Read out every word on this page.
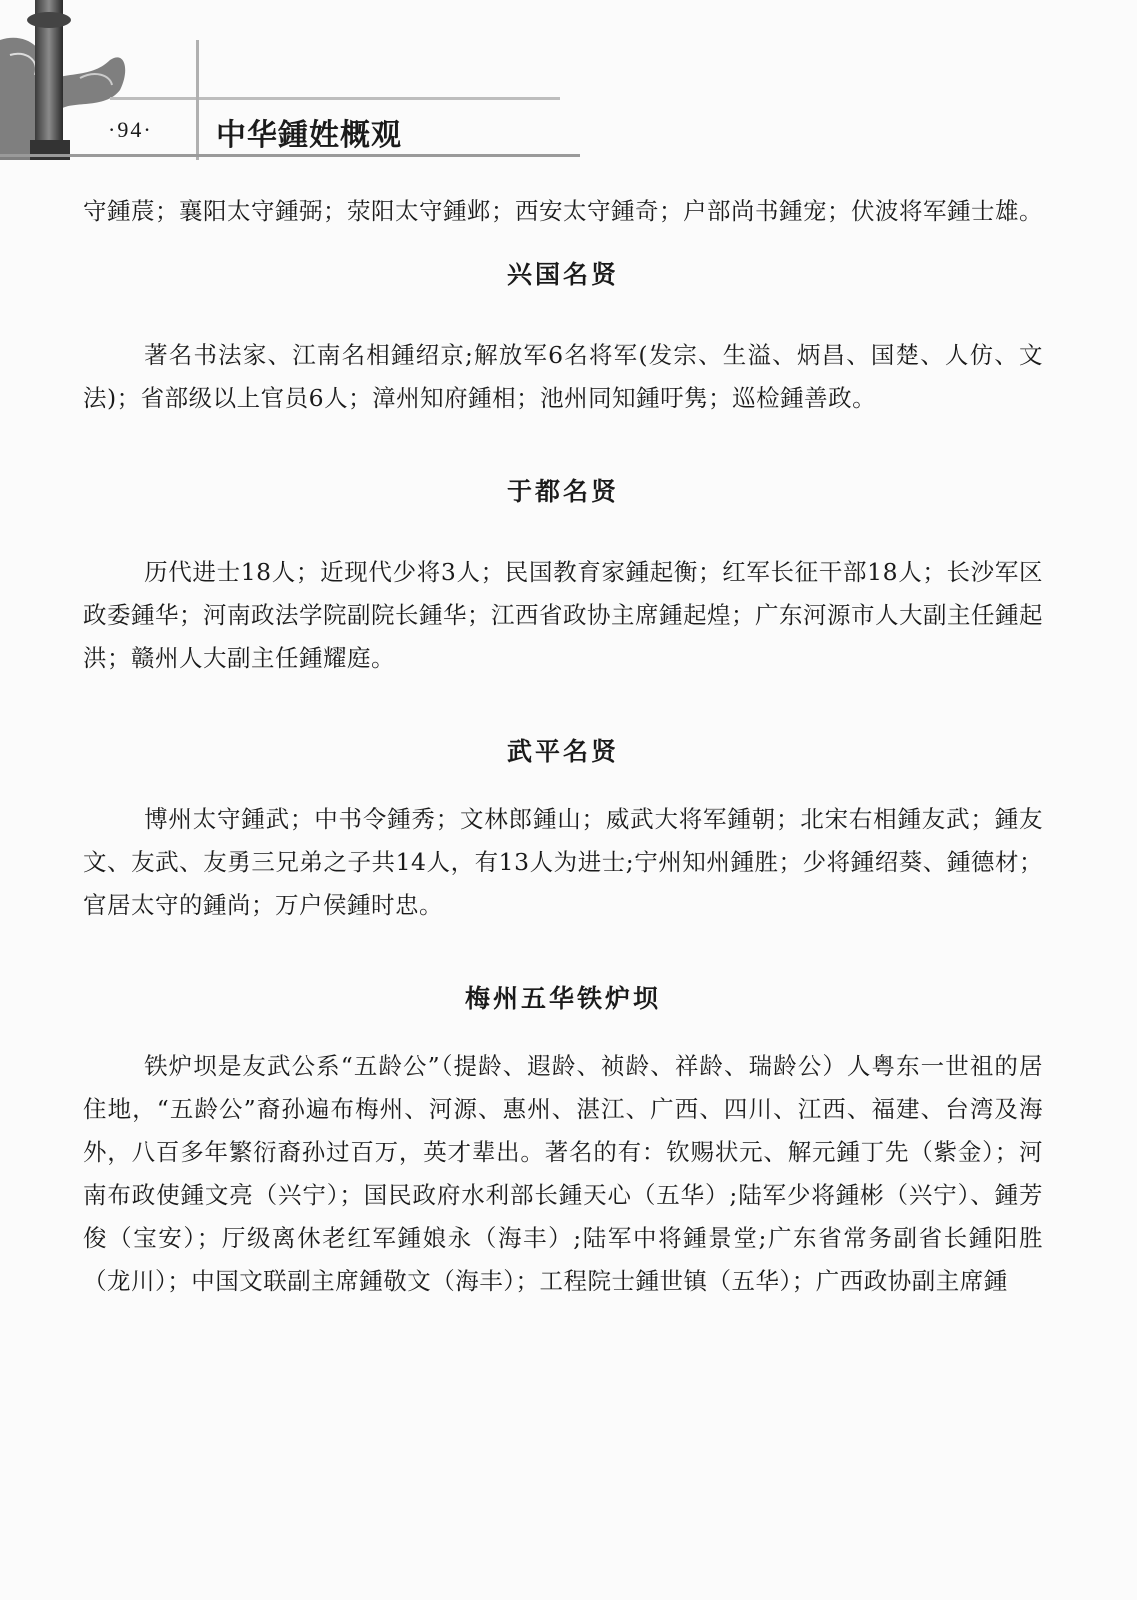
·94· 中华鍾姓概观

守鍾莀；襄阳太守鍾弼；荥阳太守鍾邺；西安太守鍾奇；户部尚书鍾宠；伏波将军鍾士雄。

兴国名贤

著名书法家、江南名相鍾绍京;解放军6名将军(发宗、生溢、炳昌、国楚、人仿、文法)；省部级以上官员6人；漳州知府鍾相；池州同知鍾吁隽；巡检鍾善政。

于都名贤

历代进士18人；近现代少将3人；民国教育家鍾起衡；红军长征干部18人；长沙军区政委鍾华；河南政法学院副院长鍾华；江西省政协主席鍾起煌；广东河源市人大副主任鍾起洪；赣州人大副主任鍾耀庭。

武平名贤

博州太守鍾武；中书令鍾秀；文林郎鍾山；威武大将军鍾朝；北宋右相鍾友武；鍾友文、友武、友勇三兄弟之子共14人，有13人为进士;宁州知州鍾胜；少将鍾绍葵、鍾德材；官居太守的鍾尚；万户侯鍾时忠。

梅州五华铁炉坝

铁炉坝是友武公系“五龄公”（提龄、遐龄、祯龄、祥龄、瑞龄公）人粤东一世祖的居住地，“五龄公”裔孙遍布梅州、河源、惠州、湛江、广西、四川、江西、福建、台湾及海外，八百多年繁衍裔孙过百万，英才辈出。著名的有：钦赐状元、解元鍾丁先（紫金）；河南布政使鍾文亮（兴宁）；国民政府水利部长鍾天心（五华）;陆军少将鍾彬（兴宁）、鍾芳俊（宝安）；厅级离休老红军鍾娘永（海丰）;陆军中将鍾景堂;广东省常务副省长鍾阳胜（龙川）；中国文联副主席鍾敬文（海丰）；工程院士鍾世镇（五华）；广西政协副主席鍾
